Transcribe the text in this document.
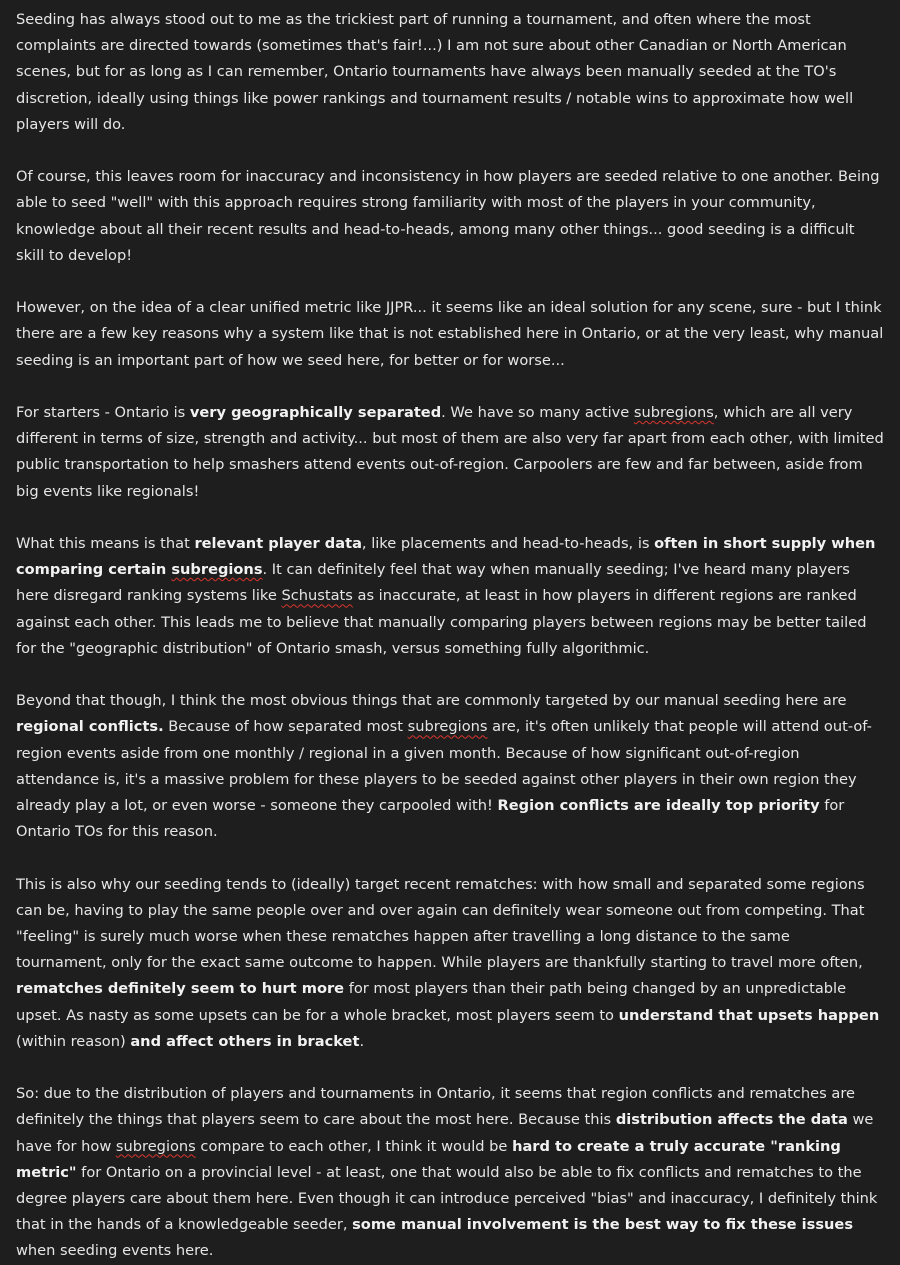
Seeding has always stood out to me as the trickiest part of running a tournament, and often where the most complaints are directed towards (sometimes that's fair!...) I am not sure about other Canadian or North American scenes, but for as long as I can remember, Ontario tournaments have always been manually seeded at the TO's discretion, ideally using things like power rankings and tournament results / notable wins to approximate how well players will do.

Of course, this leaves room for inaccuracy and inconsistency in how players are seeded relative to one another. Being able to seed "well" with this approach requires strong familiarity with most of the players in your community, knowledge about all their recent results and head-to-heads, among many other things... good seeding is a difficult skill to develop!

However, on the idea of a clear unified metric like JJPR... it seems like an ideal solution for any scene, sure - but I think there are a few key reasons why a system like that is not established here in Ontario, or at the very least, why manual seeding is an important part of how we seed here, for better or for worse...

For starters - Ontario is very geographically separated. We have so many active subregions, which are all very different in terms of size, strength and activity... but most of them are also very far apart from each other, with limited public transportation to help smashers attend events out-of-region. Carpoolers are few and far between, aside from big events like regionals!

What this means is that relevant player data, like placements and head-to-heads, is often in short supply when comparing certain subregions. It can definitely feel that way when manually seeding; I've heard many players here disregard ranking systems like Schustats as inaccurate, at least in how players in different regions are ranked against each other. This leads me to believe that manually comparing players between regions may be better tailed for the "geographic distribution" of Ontario smash, versus something fully algorithmic.

Beyond that though, I think the most obvious things that are commonly targeted by our manual seeding here are regional conflicts. Because of how separated most subregions are, it's often unlikely that people will attend out-of-region events aside from one monthly / regional in a given month. Because of how significant out-of-region attendance is, it's a massive problem for these players to be seeded against other players in their own region they already play a lot, or even worse - someone they carpooled with! Region conflicts are ideally top priority for Ontario TOs for this reason.

This is also why our seeding tends to (ideally) target recent rematches: with how small and separated some regions can be, having to play the same people over and over again can definitely wear someone out from competing. That "feeling" is surely much worse when these rematches happen after travelling a long distance to the same tournament, only for the exact same outcome to happen. While players are thankfully starting to travel more often, rematches definitely seem to hurt more for most players than their path being changed by an unpredictable upset. As nasty as some upsets can be for a whole bracket, most players seem to understand that upsets happen (within reason) and affect others in bracket.

So: due to the distribution of players and tournaments in Ontario, it seems that region conflicts and rematches are definitely the things that players seem to care about the most here. Because this distribution affects the data we have for how subregions compare to each other, I think it would be hard to create a truly accurate "ranking metric" for Ontario on a provincial level - at least, one that would also be able to fix conflicts and rematches to the degree players care about them here. Even though it can introduce perceived "bias" and inaccuracy, I definitely think that in the hands of a knowledgeable seeder, some manual involvement is the best way to fix these issues when seeding events here.
